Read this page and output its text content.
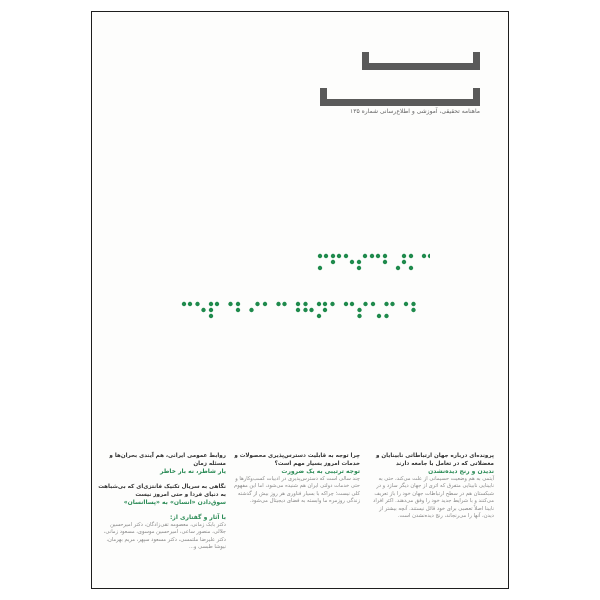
ماهنامه تحقیقی، آموزشی و اطلاع‌رسانی شماره ۱۳۵
پرونده‌ای درباره جهان ارتباطاتی نابینایان و معضلاتی که در تعامل با جامعه دارند
ندیدن و رنج دیده‌نشدن
آیتمی به هم وضعیت حسیمانی از علت می‌کند، حتی به نابینایی نابینایی متفرق که اثری از جهان دیگر سازد و در شبکستان هم در سطح ارتباطات جهان خود را باز تعریف می‌کنند و با شرایط جدید خود را وفق می‌دهند. اکثر افراد نابینا اصلاً تعصبی برای خود قائل نیستند. آنچه بیشتر از دیدن، آنها را می‌رنجاند، رنج دیده‌نشدن است.
چرا توجه به قابلیت دسترس‌پذیری محصولات و خدمات امروز بسیار مهم است؟
توجه ترتیبی به یک ضرورت
چند سالی است که دسترس‌پذیری در ادبیات کسب‌وکارها و حتی خدمات دولتی ایران هم شنیده می‌شود، اما این مفهوم کلی نیست؛ چراکه با بسیار فناوری هر روز بیش از گذشته زندگی روزمره ما وابسته به فضای دیجیتال می‌شود.
روابط عمومی ایرانی، هم آیندی بحران‌ها و مسئله زمان
یار شاطر، نه بار خاطر
نگاهی به سریال تکنیک فانتزی‌ای که بی‌شباهت به دنیای فردا و حتی امروز نیست
سوق‌دادن «انسان» به «پساانسان»
با آثار و گفتاری از:
دکتر بابک زمانی، معصومه تقی‌زادگان، دکتر امیرحسین جلالی، منصور ساعی، امیرحسین موسوی، مسعود زمانی، دکتر علیرضا ملتمسی، دکتر مسعود سپهر، مریم بهرمان، نیوشا طبسی و...
